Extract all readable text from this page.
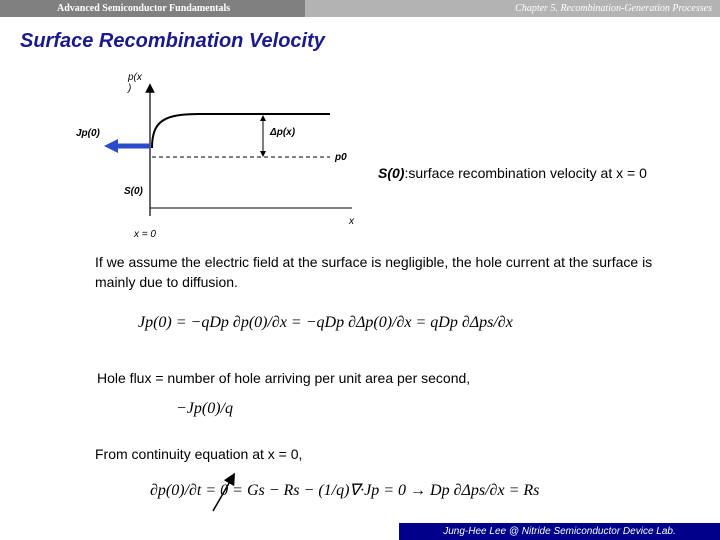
Advanced Semiconductor Fundamentals	Chapter 5. Recombination-Generation Processes
Surface Recombination Velocity
p(x
)
Jp(0)	Δp(x)
p0
S(0)
x = 0
x
S(0):surface recombination velocity at x = 0
If we assume the electric field at the surface is negligible, the hole current at the surface is mainly due to diffusion.
Jp(0) = −qDp ∂p(0)/∂x = −qDp ∂Δp(0)/∂x = qDp ∂Δps/∂x
Hole flux = number of hole arriving per unit area per second,
−Jp(0)/q
From continuity equation at x = 0,
∂p(0)/∂t = 0 = Gs − Rs − (1/q)∇·Jp = 0 → Dp ∂Δps/∂x = Rs
Jung-Hee Lee @ Nitride Semiconductor Device Lab.
